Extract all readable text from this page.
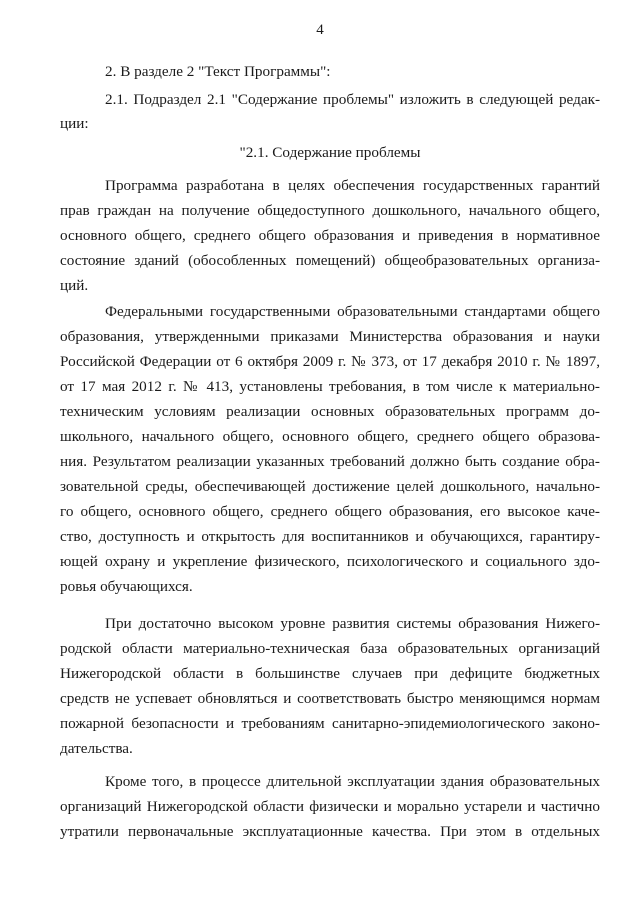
4
2. В разделе 2 "Текст Программы":
2.1. Подраздел 2.1 "Содержание проблемы" изложить в следующей редак-
ции:
"2.1. Содержание проблемы
Программа разработана в целях обеспечения государственных гарантий
прав граждан на получение общедоступного дошкольного, начального общего,
основного общего, среднего общего образования и приведения в нормативное
состояние зданий (обособленных помещений) общеобразовательных организа-
ций.
Федеральными государственными образовательными стандартами общего
образования, утвержденными приказами Министерства образования и науки
Российской Федерации от 6 октября 2009 г. № 373, от 17 декабря 2010 г. № 1897,
от 17 мая 2012 г. № 413, установлены требования, в том числе к материально-
техническим условиям реализации основных образовательных программ до-
школьного, начального общего, основного общего, среднего общего образова-
ния. Результатом реализации указанных требований должно быть создание обра-
зовательной среды, обеспечивающей достижение целей дошкольного, начально-
го общего, основного общего, среднего общего образования, его высокое каче-
ство, доступность и открытость для воспитанников и обучающихся, гарантиру-
ющей охрану и укрепление физического, психологического и социального здо-
ровья обучающихся.
При достаточно высоком уровне развития системы образования Нижего-
родской области материально-техническая база образовательных организаций
Нижегородской области в большинстве случаев при дефиците бюджетных
средств не успевает обновляться и соответствовать быстро меняющимся нормам
пожарной безопасности и требованиям санитарно-эпидемиологического законо-
дательства.
Кроме того, в процессе длительной эксплуатации здания образовательных
организаций Нижегородской области физически и морально устарели и частично
утратили первоначальные эксплуатационные качества. При этом в отдельных
